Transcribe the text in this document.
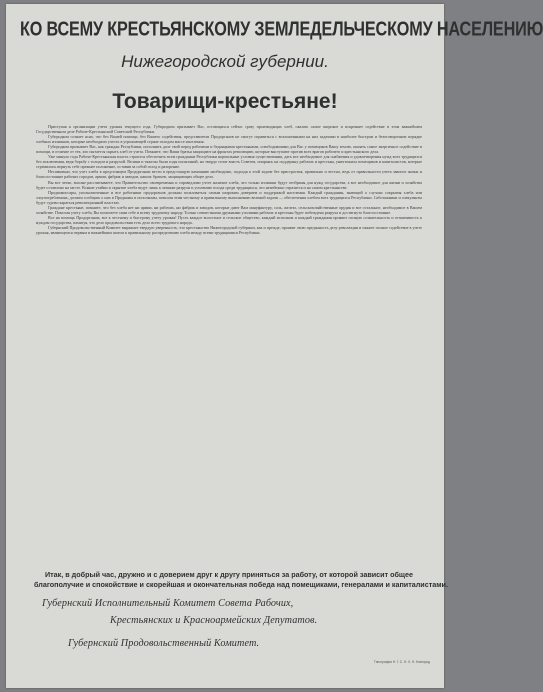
КО ВСЕМУ КРЕСТЬЯНСКОМУ ЗЕМЛЕДЕЛЬЧЕСКОМУ НАСЕЛЕНИЮ
Нижегородской губернии.
Товарищи-крестьяне!

Приступая к организации учета урожая текущего года, Губпродком призывает Вас, остающихся сейчас сразу производящих хлеб, оказать самое широкое и искреннее содействие в этом важнейшем Государственном деле Рабоче-Крестьянской Советской Республики.

Губпродком сознает ясно, что без Вашей помощи, без Вашего содействия, представители Продорганов не смогут справиться с возложенными на них задачами в наиболее быстром и безоговорочном порядке хлебных излишков, которые необходимо учесть в угрожающей стране голодом массе населения.

Губпродком призывает Вас, как граждан Республики, исполнить долг свой перед рабочими и бедняцкими крестьянами, освободившими для Вас у помещиков Вашу землю, оказать самое энергичное содействие в помощи, в отличие от тех, кто пытается скрыть хлеб от учета. Помните, что Ваши братья защищают на фронтах революцию, которые выступают против всех врагов рабочего и крестьянского дела.

Уже минуло года Рабоче-Крестьянская власть строится обеспечить всем гражданам Республики нормальные условия существования, дать все необходимое для снабжения и удовлетворения нужд всех трудящихся без исключения, ведя борьбу с голодом и разрухой. Велики и тяжелы были годы испытаний, но твердо стоит власть Советов, опираясь на поддержку рабочих и крестьян, уничтожила помещиков и капиталистов, которые стремились вернуть себе прежнее положение, оставив за собой голод и разорение.

Несомненно, что учет хлеба в предстоящем Продорганам вести в предстоящую кампанию необходимо, подходя к этой задаче без пристрастия, правильно и честно, ведь от правильности учета зависит жизнь и благосостояние рабочих городов, армии, фабрик и заводов, наших братьев, защищающих общее дело.

Вы все четко, вполне рассчитываете, что Правительство своевременно и справедливо учтет наличие хлеба, что только излишки будут отобраны для нужд государства, а все необходимое для жизни и хозяйства будет оставлено на месте. Всякие утайки и скрытие хлеба ведут лишь к затяжке разрухи и усилению голода среди трудящихся, что неизбежно отразится и на самом крестьянстве.

Продкомиссары, уполномоченные и все работники продорганов должны пользоваться самым широким доверием и поддержкой населения. Каждый гражданин, знающий о случаях сокрытия хлеба или злоупотреблениях, должен сообщать о них в Продкомы и исполкомы, помогая этим честному и правильному выполнению великой задачи — обеспечения хлебом всех трудящихся Республики. Саботажники и спекулянты будут сурово караться революционной властью.

Граждане крестьяне, помните, что без хлеба нет ни армии, ни рабочих, ни фабрик и заводов, которые дают Вам мануфактуру, соль, железо, сельскохозяйственные орудия и все остальное, необходимое в Вашем хозяйстве. Помогая учету хлеба, Вы помогаете сами себе и всему трудовому народу. Только совместными дружными усилиями рабочих и крестьян будет побеждена разруха и достигнуто благосостояние.

Все на помощь Продорганам, все к честному и быстрому учету урожая! Пусть каждое волостное и сельское общество, каждый исполком и каждый гражданин проявит полную сознательность и отзывчивость к нуждам государства, памятуя, что дело продовольствия есть дело всего трудового народа.

Губернский Продовольственный Комитет выражает твердую уверенность, что крестьянство Нижегородской губернии, как и прежде, проявит свою преданность делу революции и окажет полное содействие в учете урожая, являющемся первым и важнейшим шагом к правильному распределению хлеба между всеми трудящимися Республики.

Итак, в добрый час, дружно и с доверием друг к другу приняться за работу, от которой зависит общее
благополучие и спокойствие и скорейшая и окончательная победа над помещиками, генералами и капиталистами.
Губернский Исполнительный Комитет Совета Рабочих,
Крестьянских и Красноармейских Депутатов.
Губернский Продовольственный Комитет.
Типография Н. Г. С. Н. Х. Н. Новгород
